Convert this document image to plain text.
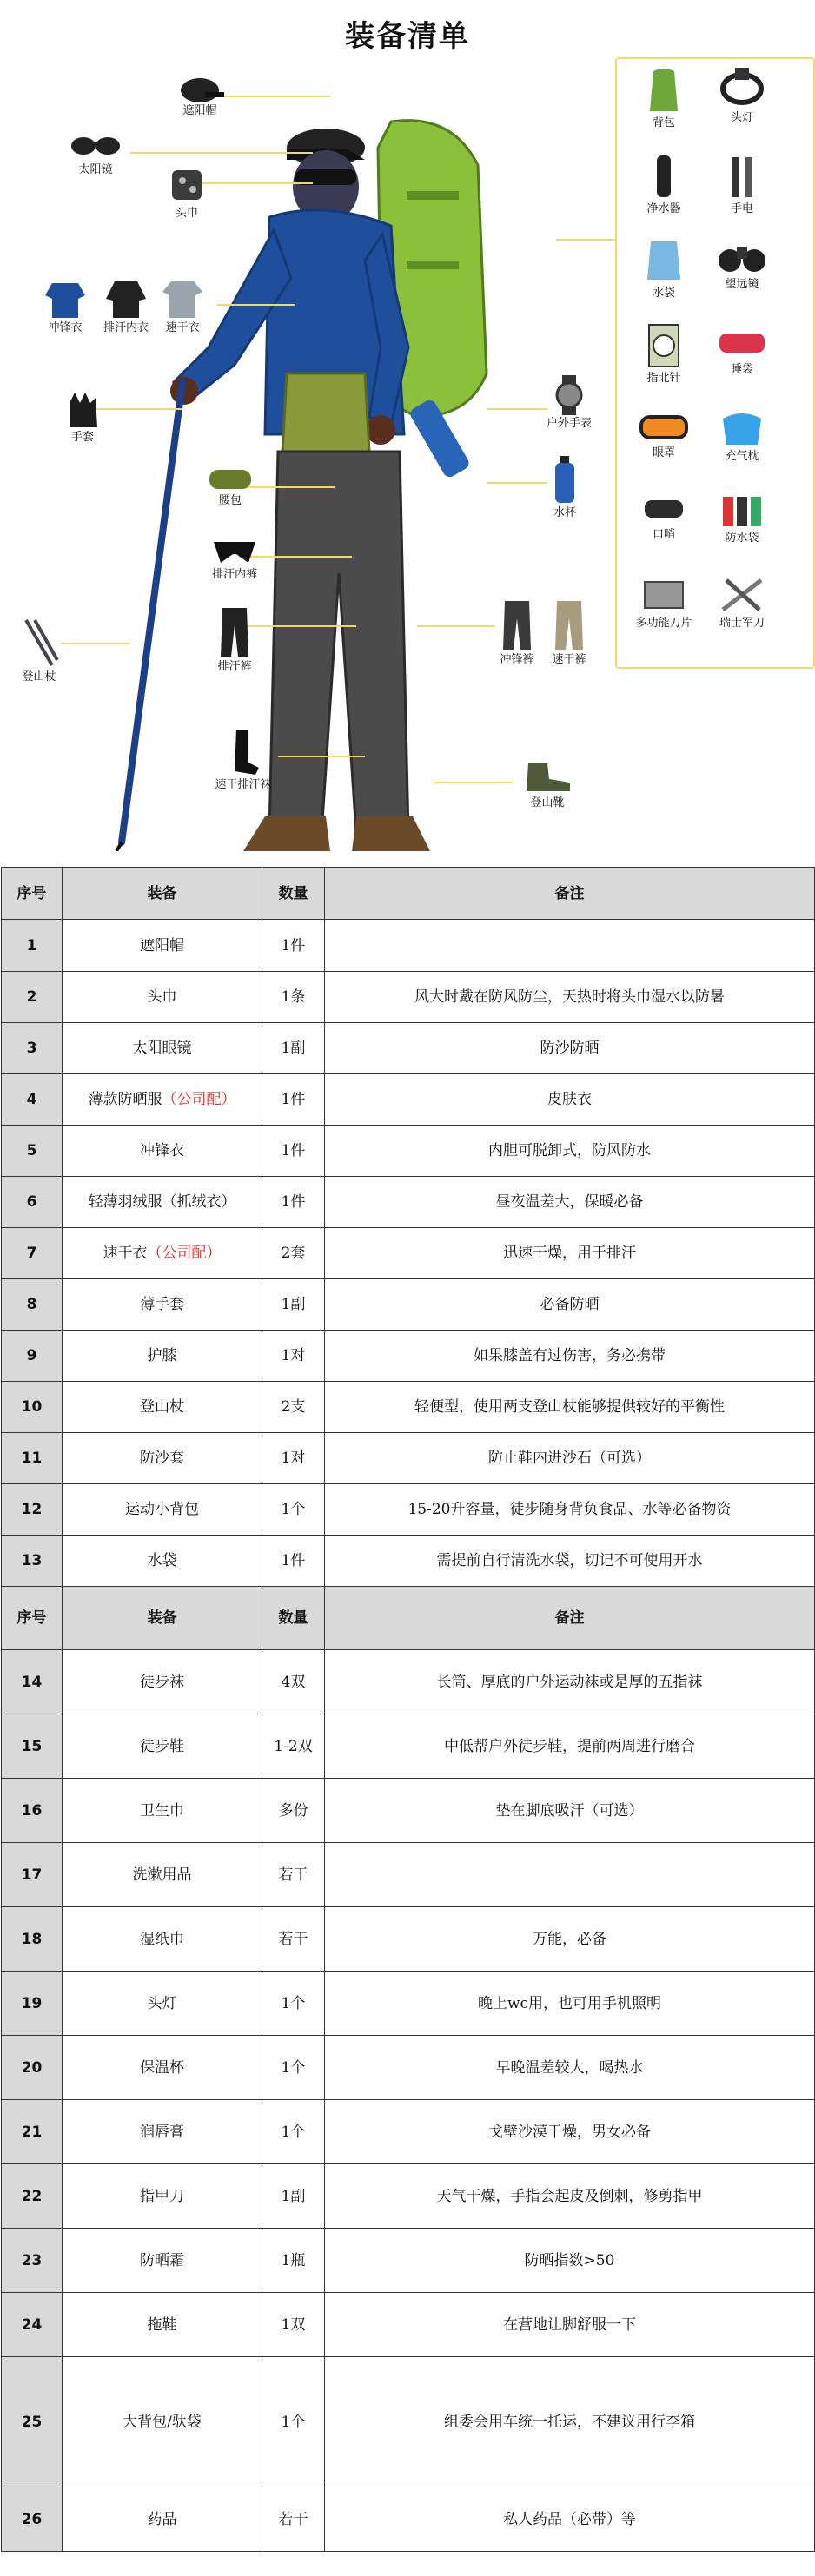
装备清单
遮阳帽
太阳镜
头巾
冲锋衣	排汗内衣	速干衣
手套
腰包
排汗内裤
排汗裤
登山杖
速干排汗袜
户外手表
水杯
冲锋裤	速干裤
登山靴
背包	头灯
净水器	手电
水袋
望远镜
指北针
睡袋
眼罩	充气枕
口哨	防水袋
多功能刀片	瑞士军刀
序号	装备	数量	备注
1	遮阳帽	1件	
2	头巾	1条	风大时戴在防风防尘，天热时将头巾湿水以防暑
3	太阳眼镜	1副	防沙防晒
4	薄款防晒服（公司配）	1件	皮肤衣
5	冲锋衣	1件	内胆可脱卸式，防风防水
6	轻薄羽绒服（抓绒衣）	1件	昼夜温差大，保暖必备
7	速干衣（公司配）	2套	迅速干燥，用于排汗
8	薄手套	1副	必备防晒
9	护膝	1对	如果膝盖有过伤害，务必携带
10	登山杖	2支	轻便型，使用两支登山杖能够提供较好的平衡性
11	防沙套	1对	防止鞋内进沙石（可选）
12	运动小背包	1个	15-20升容量，徒步随身背负食品、水等必备物资
13	水袋	1件	需提前自行清洗水袋，切记不可使用开水
序号	装备	数量	备注
14	徒步袜	4双	长筒、厚底的户外运动袜或是厚的五指袜
15	徒步鞋	1-2双	中低帮户外徒步鞋，提前两周进行磨合
16	卫生巾	多份	垫在脚底吸汗（可选）
17	洗漱用品	若干	
18	湿纸巾	若干	万能，必备
19	头灯	1个	晚上wc用，也可用手机照明
20	保温杯	1个	早晚温差较大，喝热水
21	润唇膏	1个	戈壁沙漠干燥，男女必备
22	指甲刀	1副	天气干燥，手指会起皮及倒刺，修剪指甲
23	防晒霜	1瓶	防晒指数>50
24	拖鞋	1双	在营地让脚舒服一下
25	大背包/驮袋	1个	组委会用车统一托运，不建议用行李箱
26	药品	若干	私人药品（必带）等
